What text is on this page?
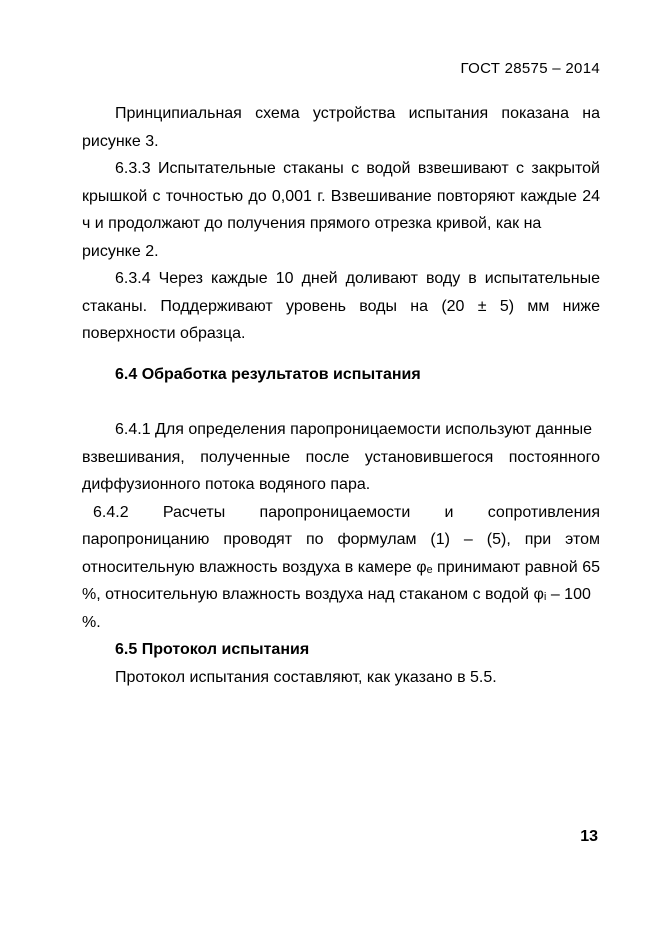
ГОСТ 28575 – 2014
Принципиальная схема устройства испытания показана на
рисунке 3.
6.3.3 Испытательные стаканы с водой взвешивают с закрытой
крышкой с точностью до 0,001 г. Взвешивание повторяют каждые 24
ч и продолжают до получения прямого отрезка кривой, как на
рисунке 2.
6.3.4 Через каждые 10 дней доливают воду в испытательные
стаканы. Поддерживают уровень воды на (20 ± 5) мм ниже
поверхности образца.
6.4 Обработка результатов испытания
6.4.1 Для определения паропроницаемости используют данные
взвешивания, полученные после установившегося постоянного
диффузионного потока водяного пара.
6.4.2 Расчеты паропроницаемости и сопротивления
паропроницанию проводят по формулам (1) – (5), при этом
относительную влажность воздуха в камере φₑ принимают равной 65
%, относительную влажность воздуха над стаканом с водой φᵢ – 100 %.
6.5 Протокол испытания
Протокол испытания составляют, как указано в 5.5.
13
